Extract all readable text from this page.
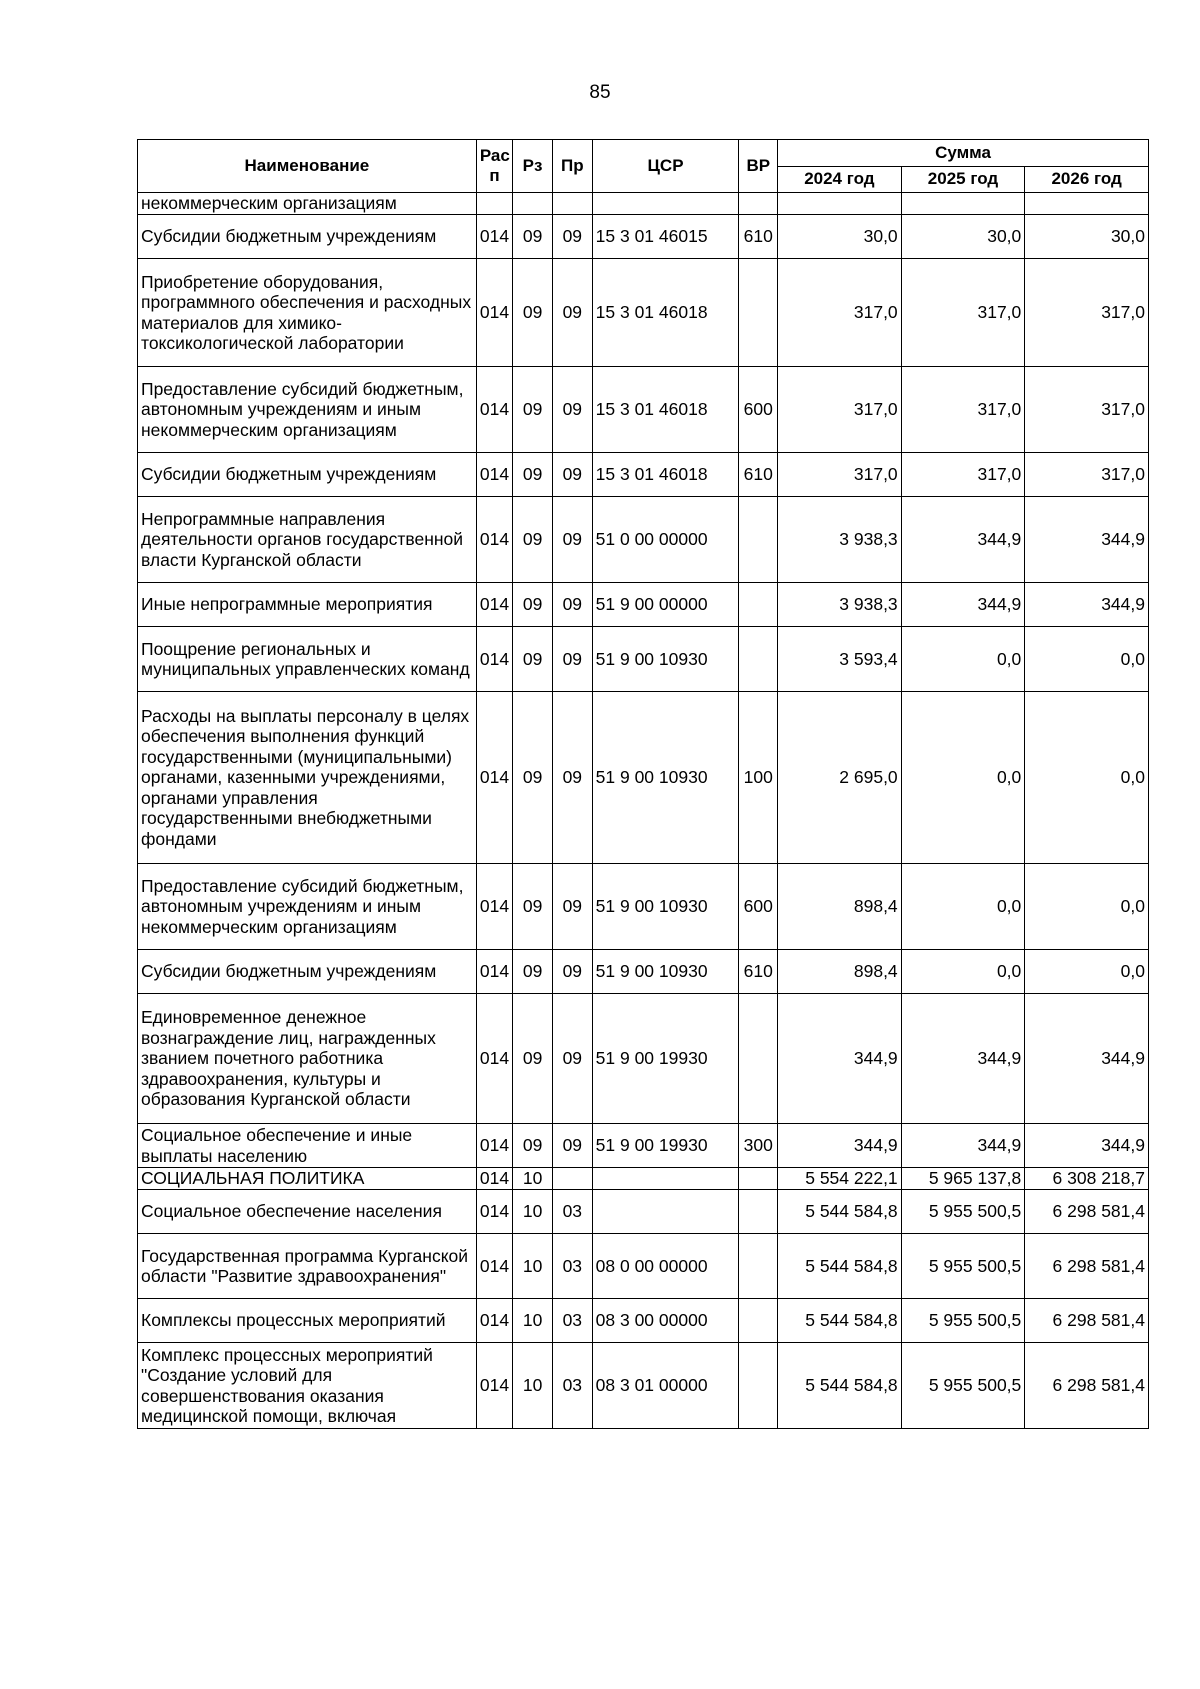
85
Наименование	Рас п	Рз	Пр	ЦСР	ВР	Сумма		
						2024 год	2025 год	2026 год
некоммерческим организациям								
Субсидии бюджетным учреждениям	014	09	09	15 3 01 46015	610	30,0	30,0	30,0
Приобретение оборудования, программного обеспечения и расходных материалов для химико-токсикологической лаборатории	014	09	09	15 3 01 46018		317,0	317,0	317,0
Предоставление субсидий бюджетным, автономным учреждениям и иным некоммерческим организациям	014	09	09	15 3 01 46018	600	317,0	317,0	317,0
Субсидии бюджетным учреждениям	014	09	09	15 3 01 46018	610	317,0	317,0	317,0
Непрограммные направления деятельности органов государственной власти Курганской области	014	09	09	51 0 00 00000		3 938,3	344,9	344,9
Иные непрограммные мероприятия	014	09	09	51 9 00 00000		3 938,3	344,9	344,9
Поощрение региональных и муниципальных управленческих команд	014	09	09	51 9 00 10930		3 593,4	0,0	0,0
Расходы на выплаты персоналу в целях обеспечения выполнения функций государственными (муниципальными) органами, казенными учреждениями, органами управления государственными внебюджетными фондами	014	09	09	51 9 00 10930	100	2 695,0	0,0	0,0
Предоставление субсидий бюджетным, автономным учреждениям и иным некоммерческим организациям	014	09	09	51 9 00 10930	600	898,4	0,0	0,0
Субсидии бюджетным учреждениям	014	09	09	51 9 00 10930	610	898,4	0,0	0,0
Единовременное денежное вознаграждение лиц, награжденных званием почетного работника здравоохранения, культуры и образования Курганской области	014	09	09	51 9 00 19930		344,9	344,9	344,9
Социальное обеспечение и иные выплаты населению	014	09	09	51 9 00 19930	300	344,9	344,9	344,9
СОЦИАЛЬНАЯ ПОЛИТИКА	014	10				5 554 222,1	5 965 137,8	6 308 218,7
Социальное обеспечение населения	014	10	03			5 544 584,8	5 955 500,5	6 298 581,4
Государственная программа Курганской области "Развитие здравоохранения"	014	10	03	08 0 00 00000		5 544 584,8	5 955 500,5	6 298 581,4
Комплексы процессных мероприятий	014	10	03	08 3 00 00000		5 544 584,8	5 955 500,5	6 298 581,4
Комплекс процессных мероприятий "Создание условий для совершенствования оказания медицинской помощи, включая	014	10	03	08 3 01 00000		5 544 584,8	5 955 500,5	6 298 581,4
